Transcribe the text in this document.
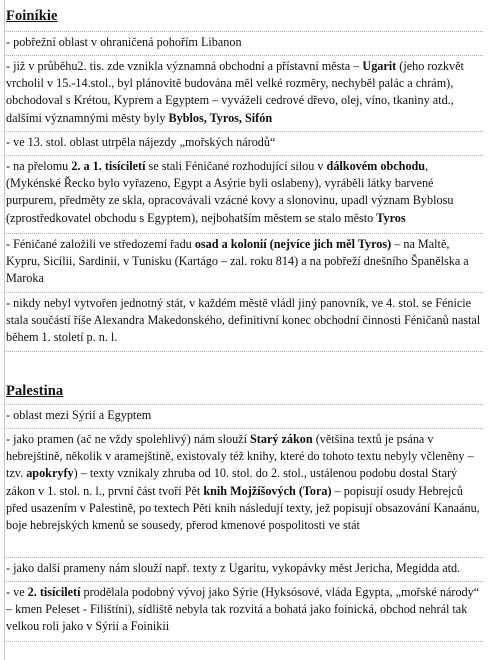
Foiníkie
- pobřežní oblast v ohraničená pohořím Libanon
- již v průběhu2. tis. zde vznikla významná obchodní a přístavní města – Ugarit (jeho rozkvět vrcholil v 15.-14.stol., byl plánovitě budována měl velké rozměry, nechyběl palác a chrám), obchodoval s Krétou, Kyprem a Egyptem – vyváželi cedrové dřevo, olej, víno, tkaniny atd., dalšími významnými městy byly Byblos, Tyros, Sifón
- ve 13. stol. oblast utrpěla nájezdy „mořských národů“
- na přelomu 2. a 1. tisíciletí se stali Féničané rozhodující silou v dálkovém obchodu, (Mykénské Řecko bylo vyřazeno, Egypt a Asýrie byli oslabeny), vyráběli látky barvené purpurem, předměty ze skla, opracovávali vzácné kovy a slonovinu, upadl význam Byblosu (zprostředkovatel obchodu s Egyptem), nejbohatším městem se stalo město Tyros
- Féničané založili ve středozemí řadu osad a kolonií (nejvíce jich měl Tyros) – na Maltě, Kypru, Sicílii, Sardinii, v Tunisku (Kartágo – zal. roku 814) a na pobřeží dnešního Španělska a Maroka
- nikdy nebyl vytvořen jednotný stát, v každém městě vládl jiný panovník, ve 4. stol. se Fénicie stala součástí říše Alexandra Makedonského, definitivní konec obchodní činnosti Féničanů nastal během 1. století p. n. l.
Palestina
- oblast mezi Sýrií a Egyptem
- jako pramen (ač ne vždy spolehlivý) nám slouží Starý zákon (většina textů je psána v hebrejštině, několik v aramejštině, existovaly též knihy, které do tohoto textu nebyly včleněny – tzv. apokryfy) – texty vznikaly zhruba od 10. stol. do 2. stol., ustálenou podobu dostal Starý zákon v 1. stol. n. l., první část tvoří Pět knih Mojžíšových (Tora) – popisují osudy Hebrejců před usazením v Palestině, po textech Pěti knih následují texty, jež popisují obsazování Kanaánu, boje hebrejských kmenů se sousedy, přerod kmenové pospolitosti ve stát
- jako další prameny nám slouží např. texty z Ugaritu, vykopávky měst Jericha, Megidda atd.
- ve 2. tisíciletí prodělala podobný vývoj jako Sýrie (Hyksósové, vláda Egypta, „mořské národy“ – kmen Peleset - Filištíni), sídliště nebyla tak rozvitá a bohatá jako foinická, obchod nehrál tak velkou roli jako v Sýrii a Foinikii
